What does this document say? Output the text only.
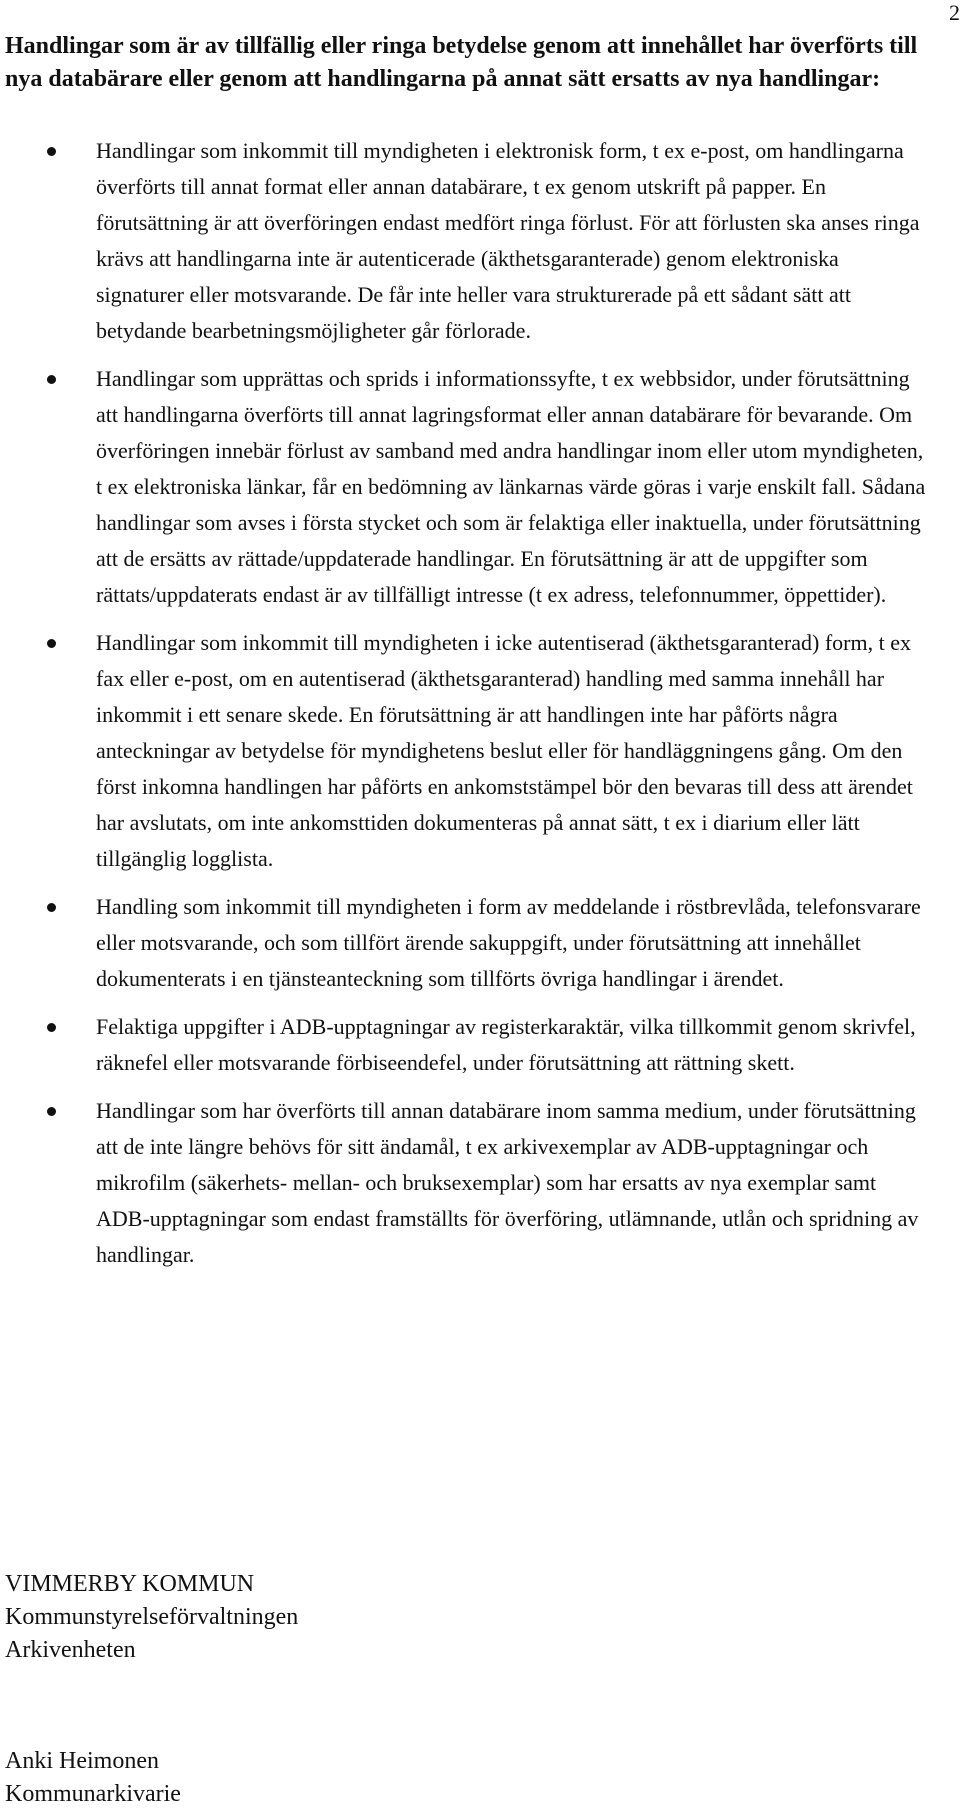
2
Handlingar som är av tillfällig eller ringa betydelse genom att innehållet har överförts till nya databärare eller genom att handlingarna på annat sätt ersatts av nya handlingar:
Handlingar som inkommit till myndigheten i elektronisk form, t ex e-post, om handlingarna överförts till annat format eller annan databärare, t ex genom utskrift på papper. En förutsättning är att överföringen endast medfört ringa förlust. För att förlusten ska anses ringa krävs att handlingarna inte är autenticerade (äkthetsgaranterade) genom elektroniska signaturer eller motsvarande. De får inte heller vara strukturerade på ett sådant sätt att betydande bearbetningsmöjligheter går förlorade.
Handlingar som upprättas och sprids i informationssyfte, t ex webbsidor, under förutsättning att handlingarna överförts till annat lagringsformat eller annan databärare för bevarande. Om överföringen innebär förlust av samband med andra handlingar inom eller utom myndigheten, t ex elektroniska länkar, får en bedömning av länkarnas värde göras i varje enskilt fall. Sådana handlingar som avses i första stycket och som är felaktiga eller inaktuella, under förutsättning att de ersätts av rättade/uppdaterade handlingar. En förutsättning är att de uppgifter som rättats/uppdaterats endast är av tillfälligt intresse (t ex adress, telefonnummer, öppettider).
Handlingar som inkommit till myndigheten i icke autentiserad (äkthetsgaranterad) form, t ex fax eller e-post, om en autentiserad (äkthetsgaranterad) handling med samma innehåll har inkommit i ett senare skede. En förutsättning är att handlingen inte har påförts några anteckningar av betydelse för myndighetens beslut eller för handläggningens gång. Om den först inkomna handlingen har påförts en ankomststämpel bör den bevaras till dess att ärendet har avslutats, om inte ankomsttiden dokumenteras på annat sätt, t ex i diarium eller lätt tillgänglig logglista.
Handling som inkommit till myndigheten i form av meddelande i röstbrevlåda, telefonsvarare eller motsvarande, och som tillfört ärende sakuppgift, under förutsättning att innehållet dokumenterats i en tjänsteanteckning som tillförts övriga handlingar i ärendet.
Felaktiga uppgifter i ADB-upptagningar av registerkaraktär, vilka tillkommit genom skrivfel, räknefel eller motsvarande förbiseendefel, under förutsättning att rättning skett.
Handlingar som har överförts till annan databärare inom samma medium, under förutsättning att de inte längre behövs för sitt ändamål, t ex arkivexemplar av ADB-upptagningar och mikrofilm (säkerhets- mellan- och bruksexemplar) som har ersatts av nya exemplar samt ADB-upptagningar som endast framställts för överföring, utlämnande, utlån och spridning av handlingar.
VIMMERBY KOMMUN
Kommunstyrelseförvaltningen
Arkivenheten
Anki Heimonen
Kommunarkivarie
